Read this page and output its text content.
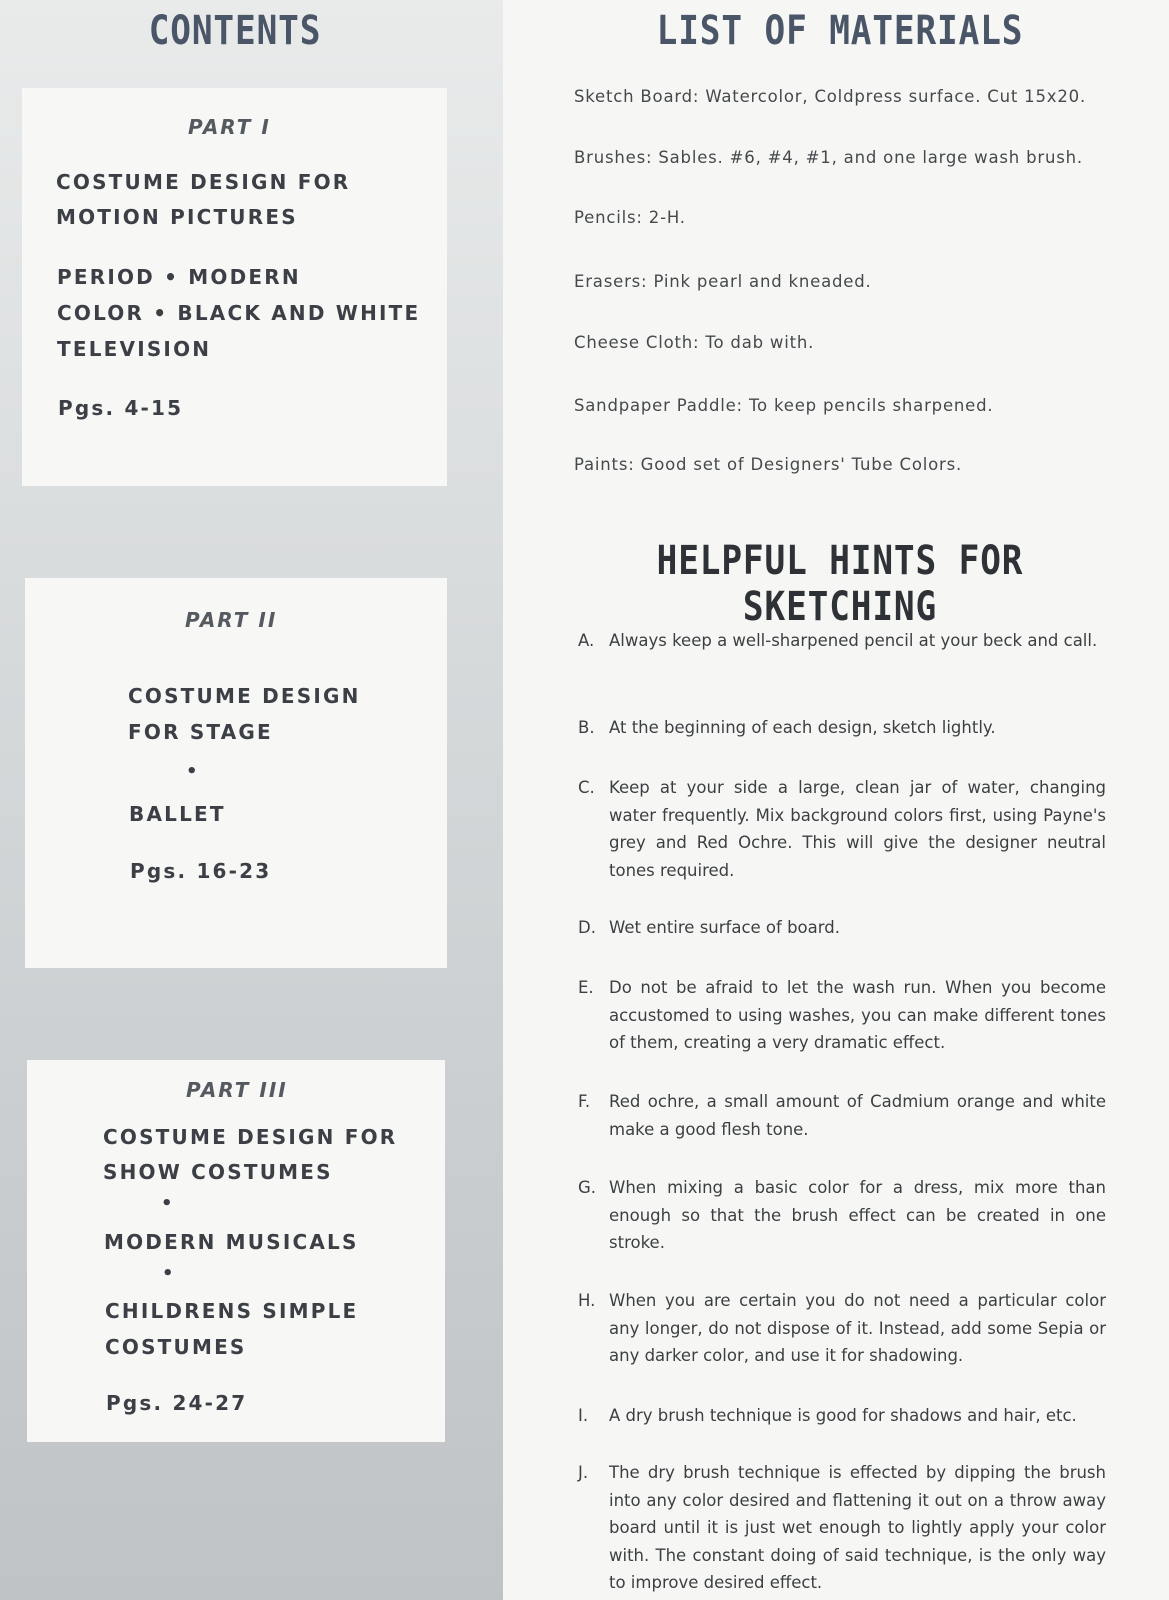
CONTENTS
PART I
COSTUME DESIGN FOR
MOTION PICTURES
PERIOD • MODERN
COLOR • BLACK AND WHITE
TELEVISION
Pgs. 4-15
PART II
COSTUME DESIGN
FOR STAGE
•
BALLET
Pgs. 16-23
PART III
COSTUME DESIGN FOR
SHOW COSTUMES
•
MODERN MUSICALS
•
CHILDRENS SIMPLE
COSTUMES
Pgs. 24-27
LIST OF MATERIALS
Sketch Board: Watercolor, Coldpress surface. Cut 15x20.
Brushes: Sables. #6, #4, #1, and one large wash brush.
Pencils: 2-H.
Erasers: Pink pearl and kneaded.
Cheese Cloth: To dab with.
Sandpaper Paddle: To keep pencils sharpened.
Paints: Good set of Designers' Tube Colors.
HELPFUL HINTS FOR SKETCHING
A. Always keep a well-sharpened pencil at your beck and call.
B. At the beginning of each design, sketch lightly.
C. Keep at your side a large, clean jar of water, changing water frequently. Mix background colors first, using Payne's grey and Red Ochre. This will give the designer neutral tones required.
D. Wet entire surface of board.
E. Do not be afraid to let the wash run. When you become accustomed to using washes, you can make different tones of them, creating a very dramatic effect.
F. Red ochre, a small amount of Cadmium orange and white make a good flesh tone.
G. When mixing a basic color for a dress, mix more than enough so that the brush effect can be created in one stroke.
H. When you are certain you do not need a particular color any longer, do not dispose of it. Instead, add some Sepia or any darker color, and use it for shadowing.
I. A dry brush technique is good for shadows and hair, etc.
J. The dry brush technique is effected by dipping the brush into any color desired and flattening it out on a throw away board until it is just wet enough to lightly apply your color with. The constant doing of said technique, is the only way to improve desired effect.
